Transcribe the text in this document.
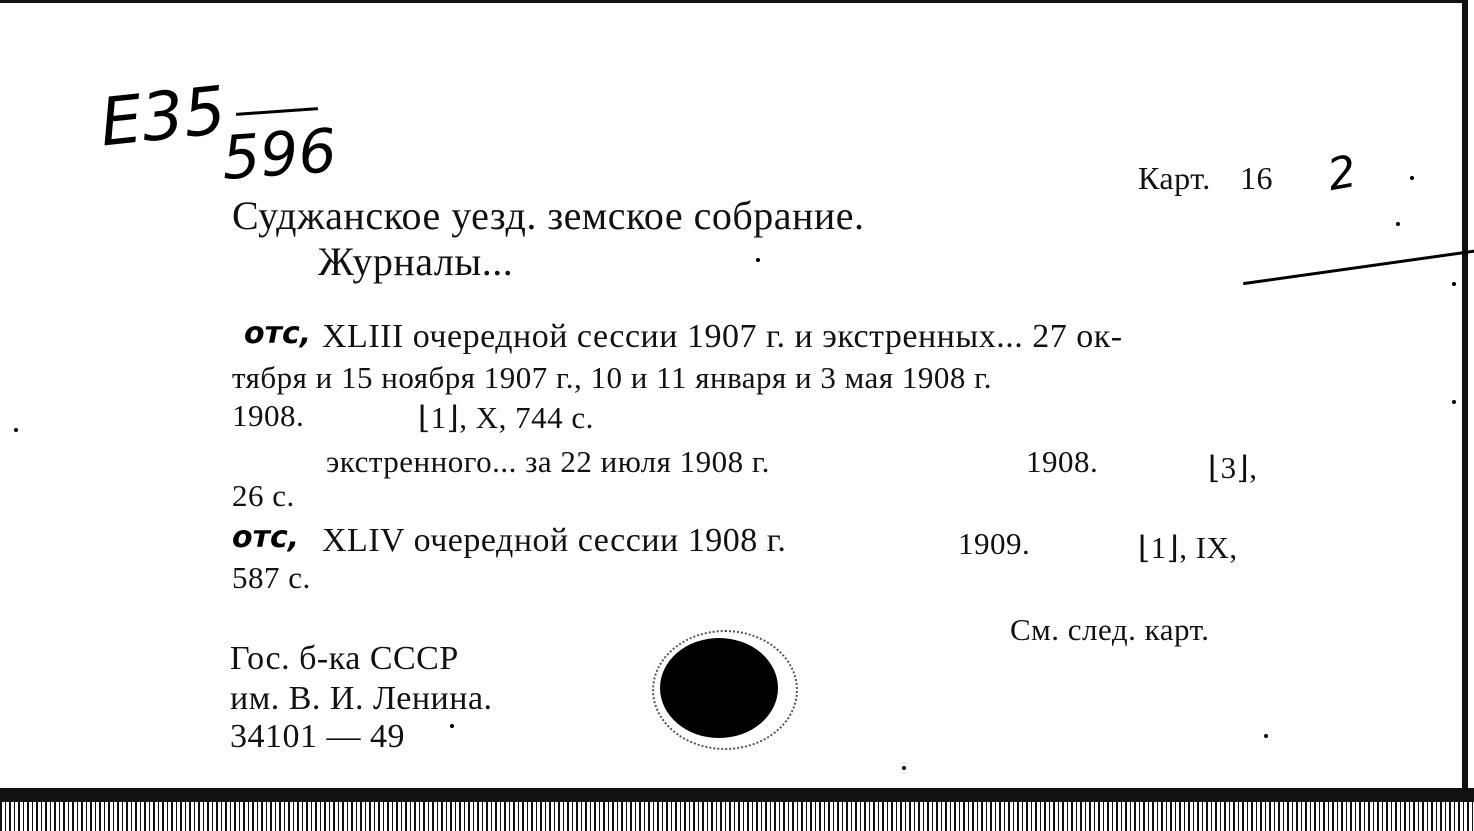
E35
596	Карт. 16	2
Суджанское уезд. земское собрание.
Журналы...
отс, XLIII очередной сессии 1907 г. и экстренных... 27 ок-
тября и 15 ноября 1907 г., 10 и 11 января и 3 мая 1908 г.
1908.	⌊1⌋, X, 744 с.
экстренного... за 22 июля 1908 г.	1908.	⌊3⌋,
26 с.
отс, XLIV очередной сессии 1908 г.	1909.	⌊1⌋, IX,
587 с.
См. след. карт.
Гос. б-ка СССР
им. В. И. Ленина.
34101 — 49
